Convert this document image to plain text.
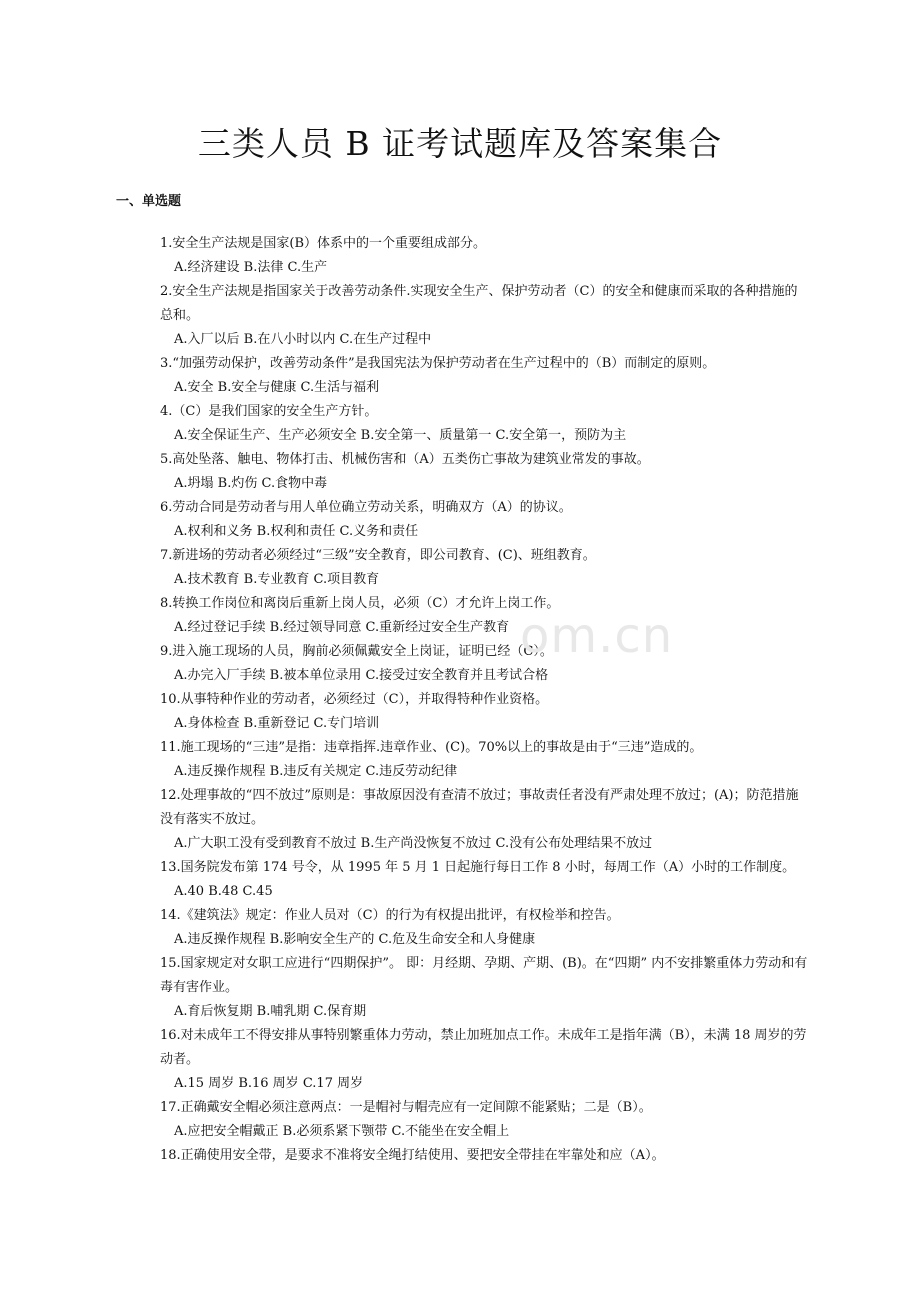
三类人员 B 证考试题库及答案集合
一、单选题

1.安全生产法规是国家(B）体系中的一个重要组成部分。

A.经济建设 B.法律 C.生产

2.安全生产法规是指国家关于改善劳动条件.实现安全生产、保护劳动者（C）的安全和健康而采取的各种措施的总和。

A.入厂以后 B.在八小时以内 C.在生产过程中

3.“加强劳动保护，改善劳动条件”是我国宪法为保护劳动者在生产过程中的（B）而制定的原则。

A.安全 B.安全与健康 C.生活与福利

4.（C）是我们国家的安全生产方针。

A.安全保证生产、生产必须安全 B.安全第一、质量第一 C.安全第一，预防为主

5.高处坠落、触电、物体打击、机械伤害和（A）五类伤亡事故为建筑业常发的事故。

A.坍塌 B.灼伤 C.食物中毒

6.劳动合同是劳动者与用人单位确立劳动关系，明确双方（A）的协议。

A.权利和义务 B.权利和责任 C.义务和责任

7.新进场的劳动者必须经过“三级”安全教育，即公司教育、(C)、班组教育。

A.技术教育 B.专业教育 C.项目教育

8.转换工作岗位和离岗后重新上岗人员，必须（C）才允许上岗工作。

A.经过登记手续 B.经过领导同意 C.重新经过安全生产教育

9.进入施工现场的人员，胸前必须佩戴安全上岗证，证明已经（C）。

A.办完入厂手续 B.被本单位录用 C.接受过安全教育并且考试合格

10.从事特种作业的劳动者，必须经过（C），并取得特种作业资格。

A.身体检查 B.重新登记 C.专门培训

11.施工现场的“三违”是指：违章指挥.违章作业、(C)。70%以上的事故是由于“三违”造成的。

A.违反操作规程 B.违反有关规定 C.违反劳动纪律

12.处理事故的“四不放过”原则是：事故原因没有查清不放过；事故责任者没有严肃处理不放过；(A)；防范措施没有落实不放过。

A.广大职工没有受到教育不放过 B.生产尚没恢复不放过 C.没有公布处理结果不放过

13.国务院发布第 174 号令，从 1995 年 5 月 1 日起施行每日工作 8 小时，每周工作（A）小时的工作制度。

A.40 B.48 C.45

14.《建筑法》规定：作业人员对（C）的行为有权提出批评，有权检举和控告。

A.违反操作规程 B.影响安全生产的 C.危及生命安全和人身健康

15.国家规定对女职工应进行“四期保护”。 即：月经期、孕期、产期、(B)。在“四期” 内不安排繁重体力劳动和有毒有害作业。

A.育后恢复期 B.哺乳期 C.保育期

16.对未成年工不得安排从事特别繁重体力劳动，禁止加班加点工作。未成年工是指年满（B），未满 18 周岁的劳动者。

A.15 周岁 B.16 周岁 C.17 周岁

17.正确戴安全帽必须注意两点：一是帽衬与帽壳应有一定间隙不能紧贴；二是（B）。

A.应把安全帽戴正 B.必须系紧下颚带 C.不能坐在安全帽上

18.正确使用安全带，是要求不准将安全绳打结使用、要把安全带挂在牢靠处和应（A）。

om.cn
